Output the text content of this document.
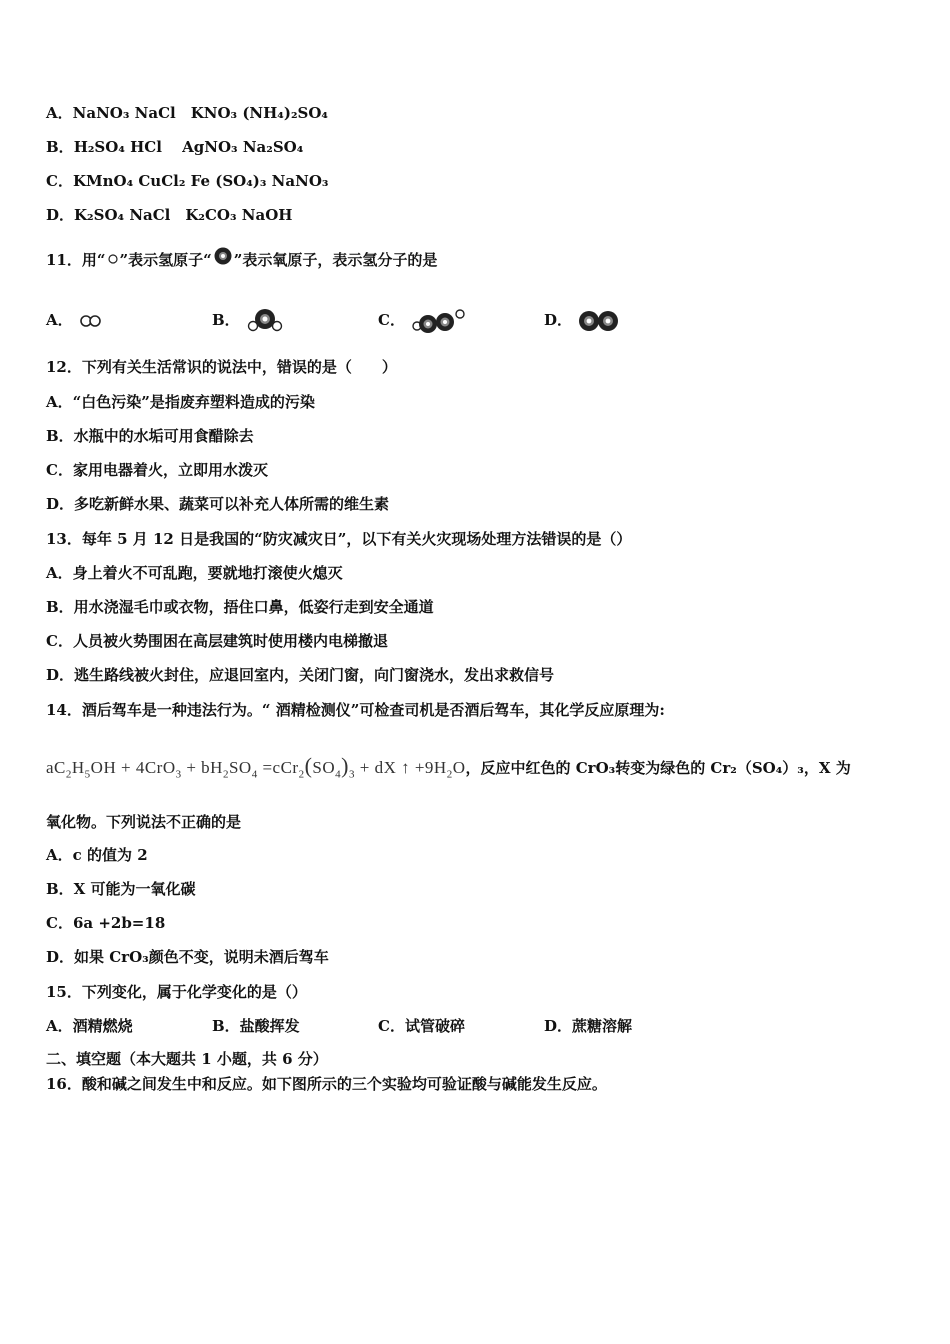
A．NaNO₃ NaCl　KNO₃ (NH₄)₂SO₄
B．H₂SO₄ HCl　 AgNO₃ Na₂SO₄
C．KMnO₄ CuCl₂ Fe (SO₄)₃ NaNO₃
D．K₂SO₄ NaCl　K₂CO₃ NaOH
11．用“ ”表示氢原子“ ”表示氧原子，表示氢分子的是
A．	B．	C．	D．
12．下列有关生活常识的说法中，错误的是（　　）
A．“白色污染”是指废弃塑料造成的污染
B．水瓶中的水垢可用食醋除去
C．家用电器着火，立即用水泼灭
D．多吃新鲜水果、蔬菜可以补充人体所需的维生素
13．每年 5 月 12 日是我国的“防灾减灾日”，以下有关火灾现场处理方法错误的是（）
A．身上着火不可乱跑，要就地打滚使火熄灭
B．用水浇湿毛巾或衣物，捂住口鼻，低姿行走到安全通道
C．人员被火势围困在高层建筑时使用楼内电梯撤退
D．逃生路线被火封住，应退回室内，关闭门窗，向门窗浇水，发出求救信号
14．酒后驾车是一种违法行为。“ 酒精检测仪”可检查司机是否酒后驾车，其化学反应原理为:
$aC_2H_5OH + 4CrO_3 + bH_2SO_4 =cCr_2(SO_4)_3$ + dX ↑ $+9H_2O$，反应中红色的 CrO₃转变为绿色的 Cr₂（SO₄）₃，X 为
氧化物。下列说法不正确的是
A．c 的值为 2
B．X 可能为一氧化碳
C．6a +2b=18
D．如果 CrO₃颜色不变，说明未酒后驾车
15．下列变化，属于化学变化的是（）
A．酒精燃烧	B．盐酸挥发	C．试管破碎	D．蔗糖溶解
二、填空题（本大题共 1 小题，共 6 分）
16．酸和碱之间发生中和反应。如下图所示的三个实验均可验证酸与碱能发生反应。
